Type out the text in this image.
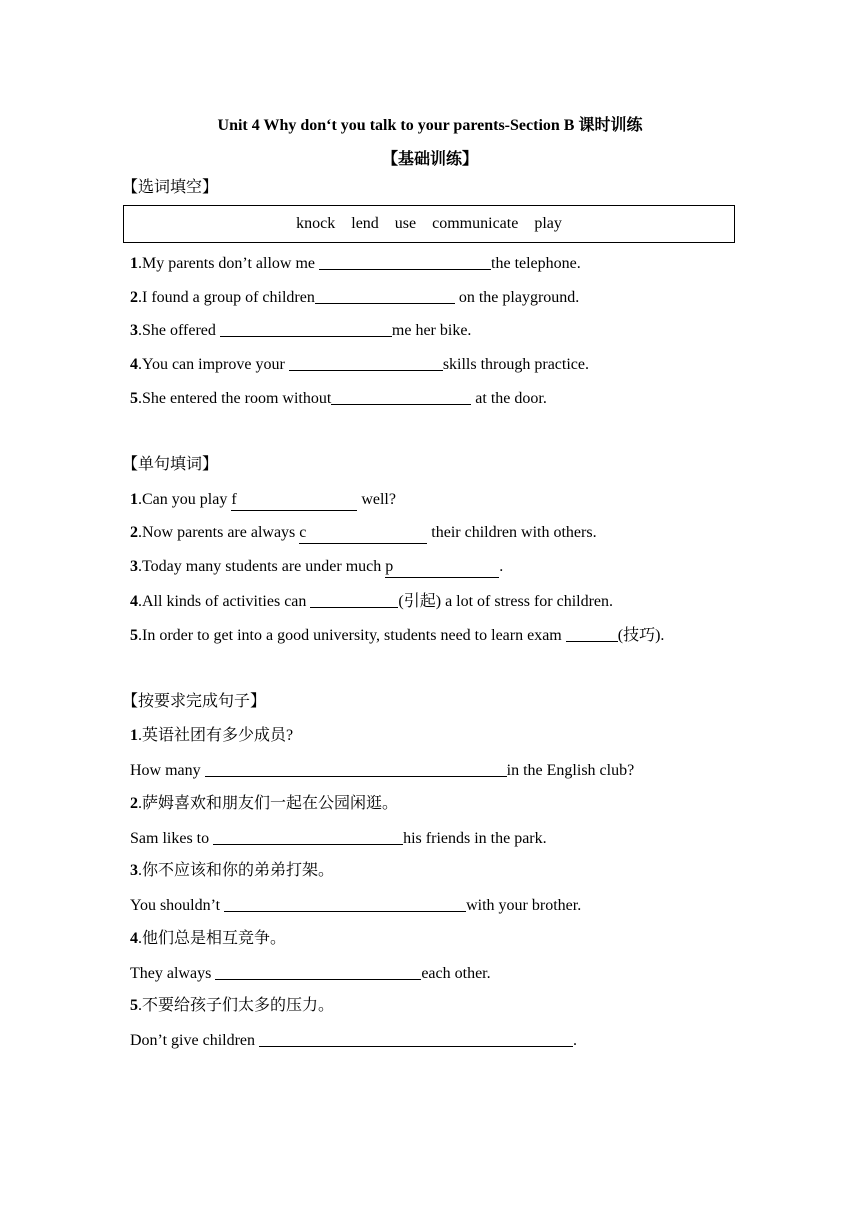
Unit 4 Why don‘t you talk to your parents-Section B 课时训练
【基础训练】
【选词填空】
knock lend use communicate play
1.My parents don’t allow me	the telephone.
2.I found a group of children	on the playground.
3.She offered	me her bike.
4.You can improve your	skills through practice.
5.She entered the room without	at the door.
【单句填词】
1.Can you play f	well?
2.Now parents are always c	their children with others.
3.Today many students are under much p	.
4.All kinds of activities can	(引起) a lot of stress for children.
5.In order to get into a good university, students need to learn exam	(技巧).
【按要求完成句子】
1.英语社团有多少成员?
How many	in the English club?
2.萨姆喜欢和朋友们一起在公园闲逛。
Sam likes to	his friends in the park.
3.你不应该和你的弟弟打架。
You shouldn’t	with your brother.
4.他们总是相互竞争。
They always	each other.
5.不要给孩子们太多的压力。
Don’t give children	.
